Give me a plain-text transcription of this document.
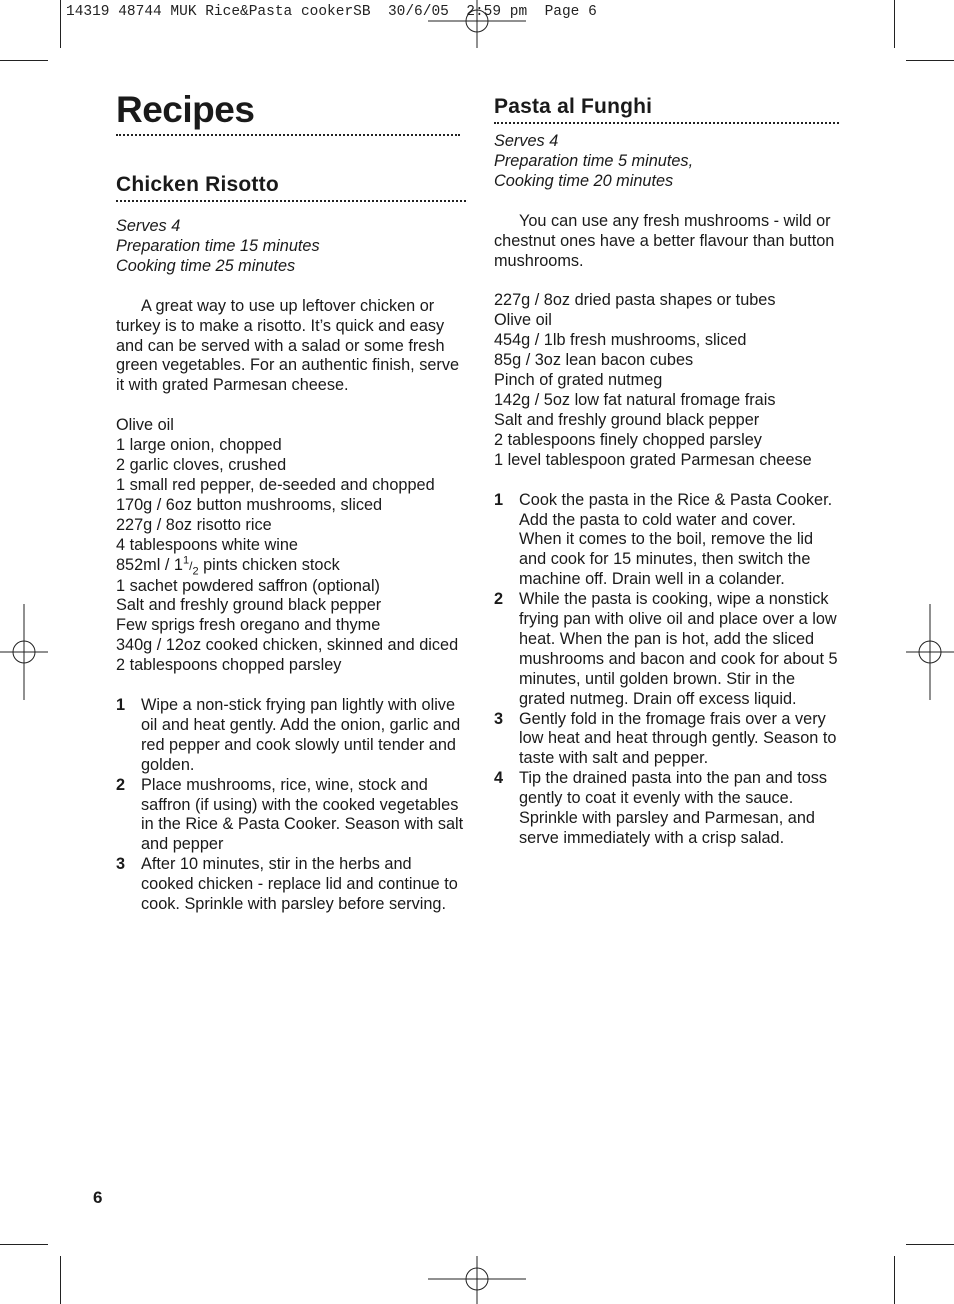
14319 48744 MUK Rice&Pasta cookerSB  30/6/05  2:59 pm  Page 6
Recipes
Chicken Risotto

Serves 4

Preparation time 15 minutes

Cooking time 25 minutes

A great way to use up leftover chicken or turkey is to make a risotto. It’s quick and easy and can be served with a salad or some fresh green vegetables. For an authentic finish, serve it with grated Parmesan cheese.

Olive oil
1 large onion, chopped
2 garlic cloves, crushed
1 small red pepper, de-seeded and chopped
170g / 6oz button mushrooms, sliced
227g / 8oz risotto rice
4 tablespoons white wine
$852ml / 1^1/_2$ pints chicken stock
1 sachet powdered saffron (optional)
Salt and freshly ground black pepper
Few sprigs fresh oregano and thyme
340g / 12oz cooked chicken, skinned and diced
2 tablespoons chopped parsley
1 Wipe a non-stick frying pan lightly with olive oil and heat gently. Add the onion, garlic and red pepper and cook slowly until tender and golden.
2 Place mushrooms, rice, wine, stock and saffron (if using) with the cooked vegetables in the Rice & Pasta Cooker. Season with salt and pepper
3 After 10 minutes, stir in the herbs and cooked chicken - replace lid and continue to cook. Sprinkle with parsley before serving.
Pasta al Funghi

Serves 4

Preparation time 5 minutes,

Cooking time 20 minutes

You can use any fresh mushrooms - wild or chestnut ones have a better flavour than button mushrooms.

227g / 8oz dried pasta shapes or tubes
Olive oil
454g / 1lb fresh mushrooms, sliced
85g / 3oz lean bacon cubes
Pinch of grated nutmeg
142g / 5oz low fat natural fromage frais
Salt and freshly ground black pepper
2 tablespoons finely chopped parsley
1 level tablespoon grated Parmesan cheese
1 Cook the pasta in the Rice & Pasta Cooker. Add the pasta to cold water and cover. When it comes to the boil, remove the lid and cook for 15 minutes, then switch the machine off. Drain well in a colander.
2 While the pasta is cooking, wipe a nonstick frying pan with olive oil and place over a low heat. When the pan is hot, add the sliced mushrooms and bacon and cook for about 5 minutes, until golden brown. Stir in the grated nutmeg. Drain off excess liquid.
3 Gently fold in the fromage frais over a very low heat and heat through gently. Season to taste with salt and pepper.
4 Tip the drained pasta into the pan and toss gently to coat it evenly with the sauce. Sprinkle with parsley and Parmesan, and serve immediately with a crisp salad.
6
